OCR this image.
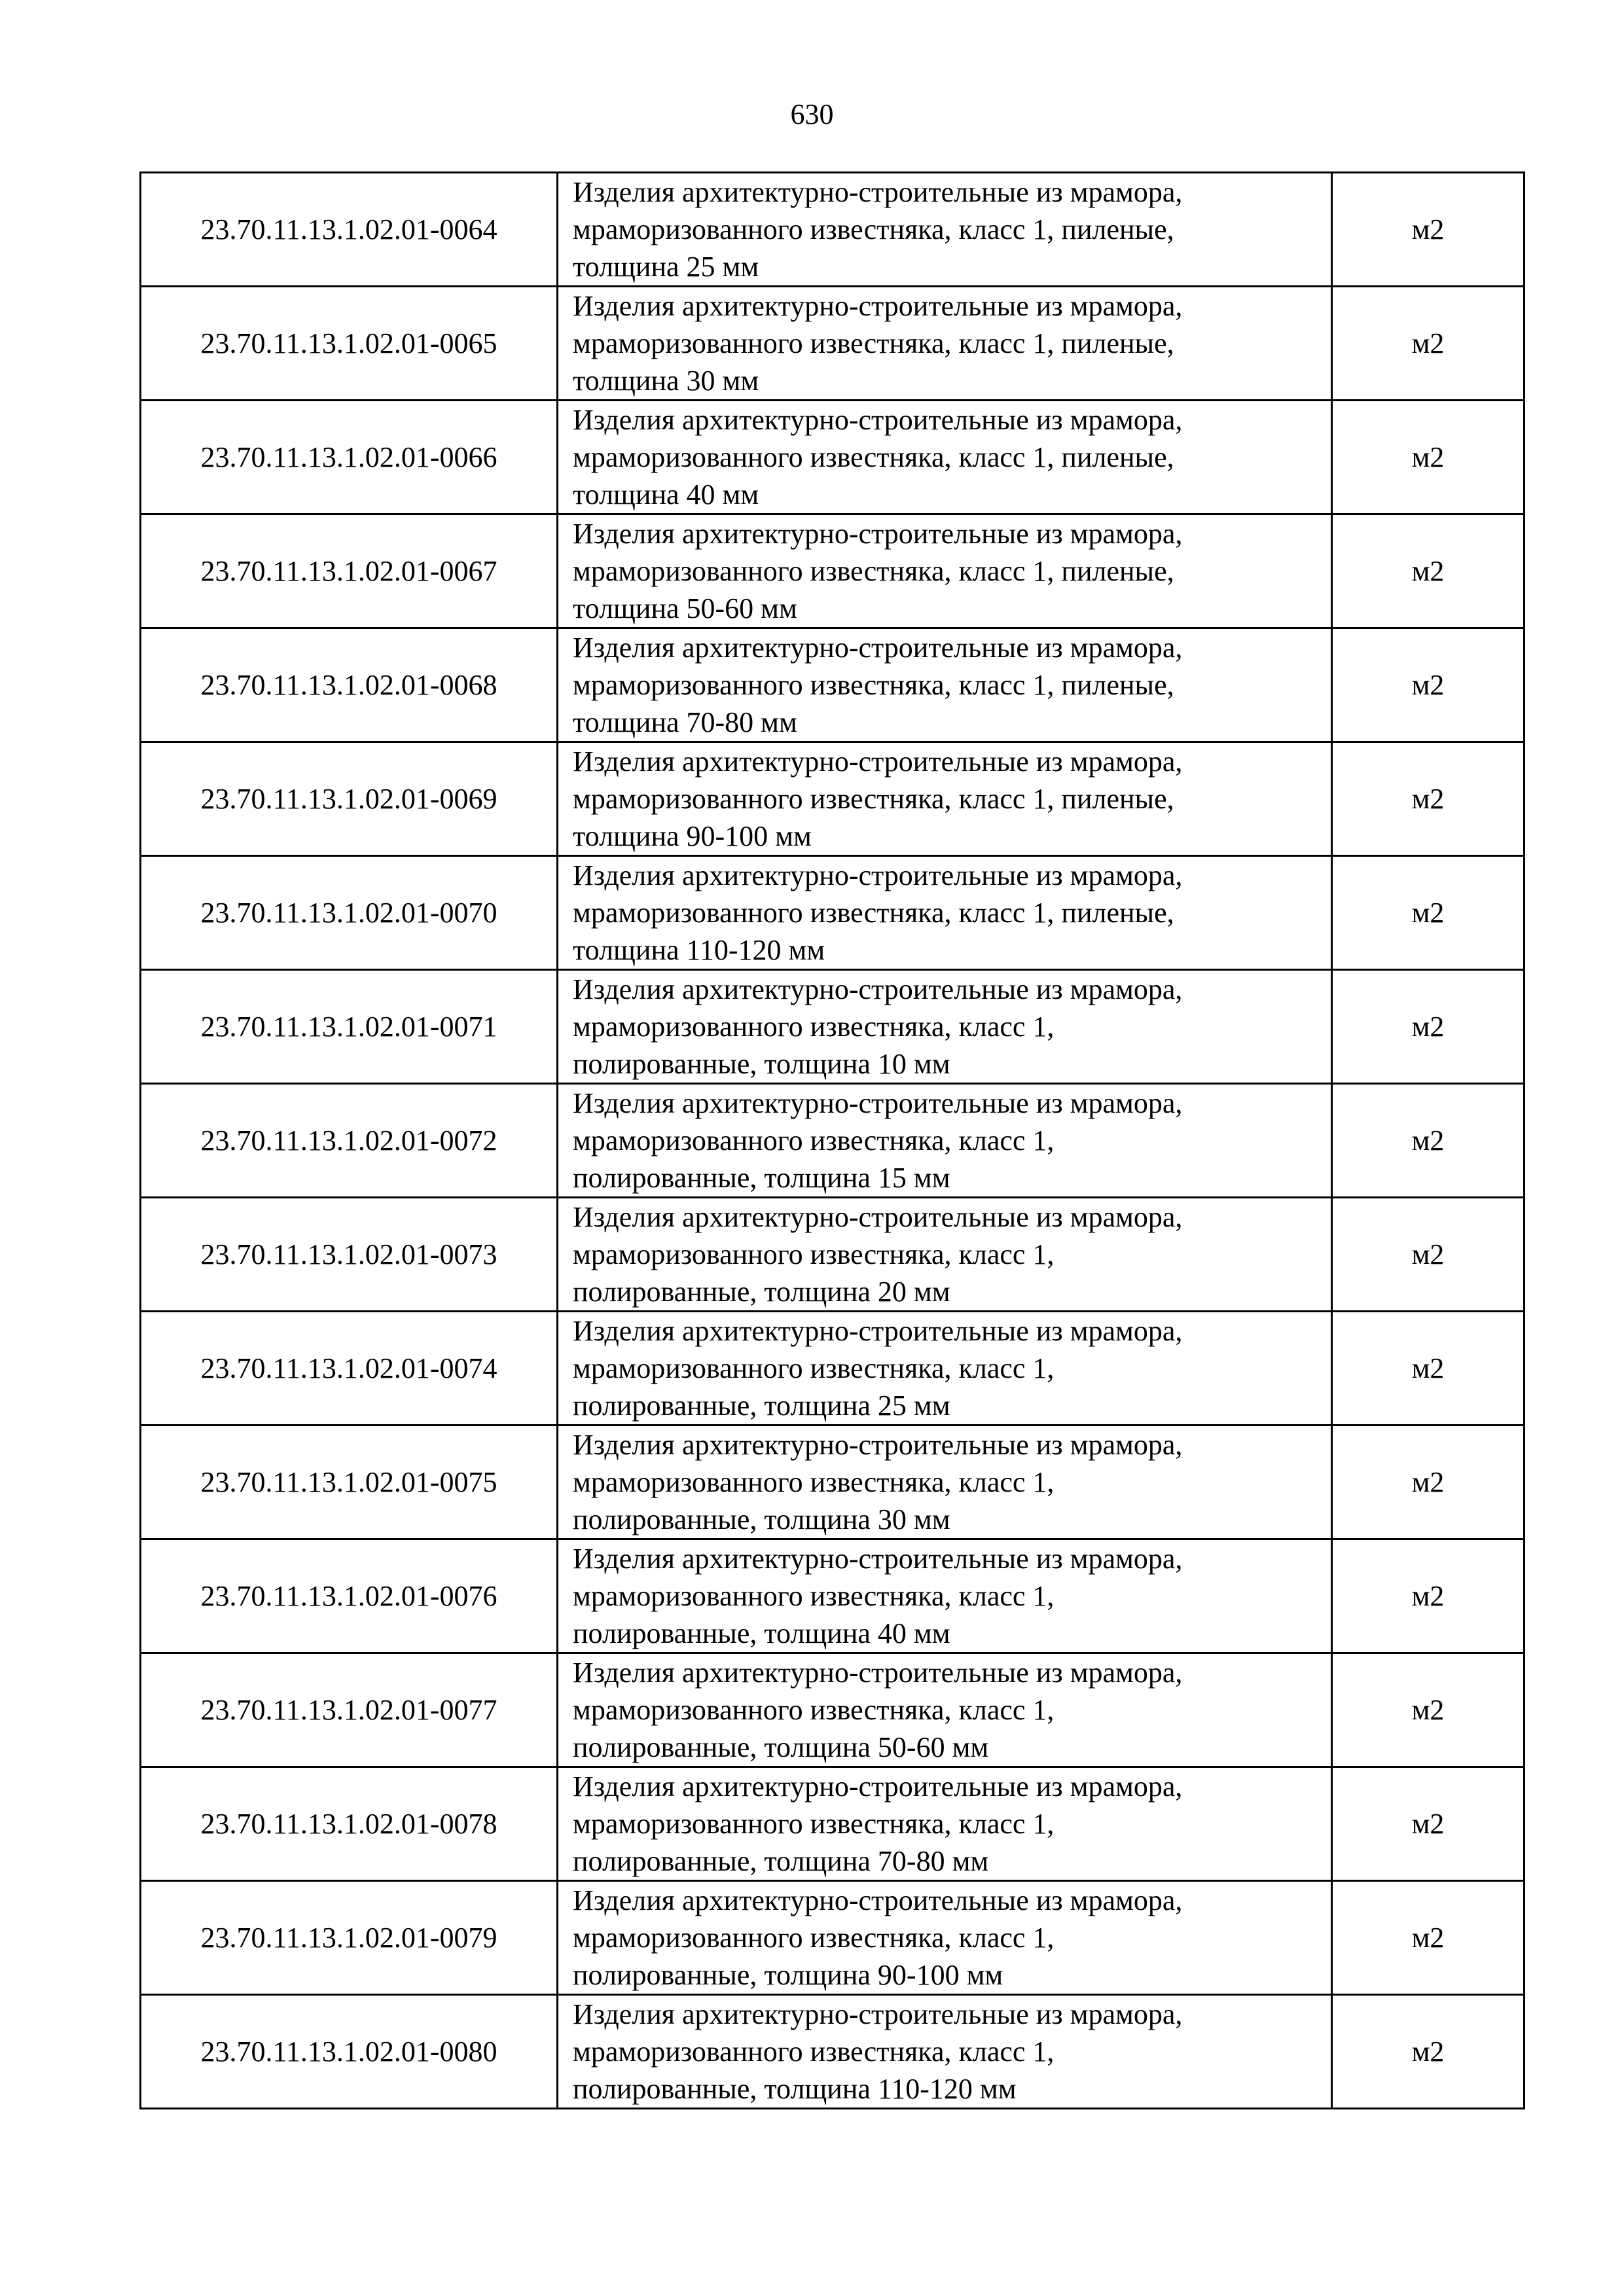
630
23.70.11.13.1.02.01-0064	Изделия архитектурно-строительные из мрамора,
мраморизованного известняка, класс 1, пиленые,
толщина 25 мм	м2
23.70.11.13.1.02.01-0065	Изделия архитектурно-строительные из мрамора,
мраморизованного известняка, класс 1, пиленые,
толщина 30 мм	м2
23.70.11.13.1.02.01-0066	Изделия архитектурно-строительные из мрамора,
мраморизованного известняка, класс 1, пиленые,
толщина 40 мм	м2
23.70.11.13.1.02.01-0067	Изделия архитектурно-строительные из мрамора,
мраморизованного известняка, класс 1, пиленые,
толщина 50-60 мм	м2
23.70.11.13.1.02.01-0068	Изделия архитектурно-строительные из мрамора,
мраморизованного известняка, класс 1, пиленые,
толщина 70-80 мм	м2
23.70.11.13.1.02.01-0069	Изделия архитектурно-строительные из мрамора,
мраморизованного известняка, класс 1, пиленые,
толщина 90-100 мм	м2
23.70.11.13.1.02.01-0070	Изделия архитектурно-строительные из мрамора,
мраморизованного известняка, класс 1, пиленые,
толщина 110-120 мм	м2
23.70.11.13.1.02.01-0071	Изделия архитектурно-строительные из мрамора,
мраморизованного известняка, класс 1,
полированные, толщина 10 мм	м2
23.70.11.13.1.02.01-0072	Изделия архитектурно-строительные из мрамора,
мраморизованного известняка, класс 1,
полированные, толщина 15 мм	м2
23.70.11.13.1.02.01-0073	Изделия архитектурно-строительные из мрамора,
мраморизованного известняка, класс 1,
полированные, толщина 20 мм	м2
23.70.11.13.1.02.01-0074	Изделия архитектурно-строительные из мрамора,
мраморизованного известняка, класс 1,
полированные, толщина 25 мм	м2
23.70.11.13.1.02.01-0075	Изделия архитектурно-строительные из мрамора,
мраморизованного известняка, класс 1,
полированные, толщина 30 мм	м2
23.70.11.13.1.02.01-0076	Изделия архитектурно-строительные из мрамора,
мраморизованного известняка, класс 1,
полированные, толщина 40 мм	м2
23.70.11.13.1.02.01-0077	Изделия архитектурно-строительные из мрамора,
мраморизованного известняка, класс 1,
полированные, толщина 50-60 мм	м2
23.70.11.13.1.02.01-0078	Изделия архитектурно-строительные из мрамора,
мраморизованного известняка, класс 1,
полированные, толщина 70-80 мм	м2
23.70.11.13.1.02.01-0079	Изделия архитектурно-строительные из мрамора,
мраморизованного известняка, класс 1,
полированные, толщина 90-100 мм	м2
23.70.11.13.1.02.01-0080	Изделия архитектурно-строительные из мрамора,
мраморизованного известняка, класс 1,
полированные, толщина 110-120 мм	м2
